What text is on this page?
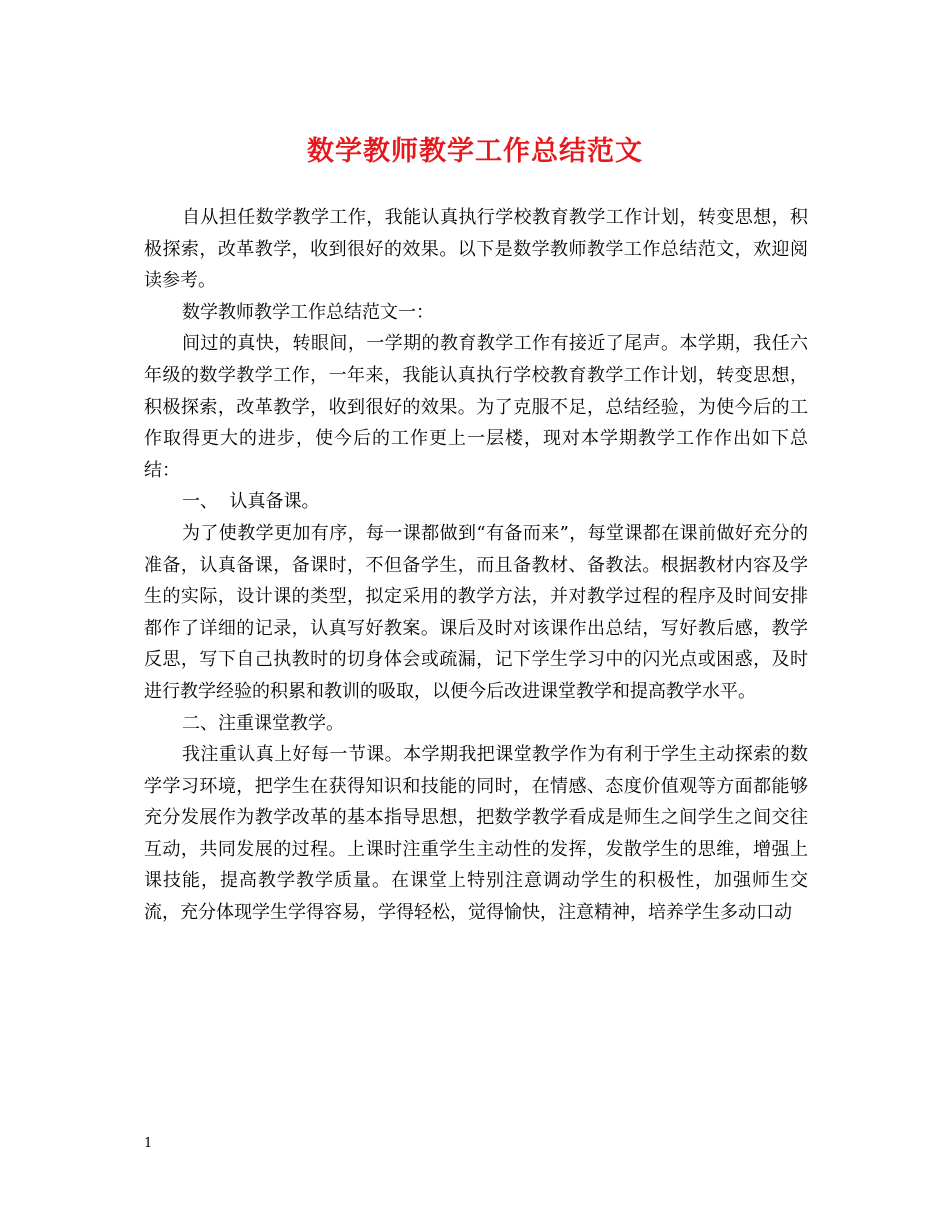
数学教师教学工作总结范文

自从担任数学教学工作，我能认真执行学校教育教学工作计划，转变思想，积极探索，改革教学，收到很好的效果。以下是数学教师教学工作总结范文，欢迎阅读参考。

数学教师教学工作总结范文一：

间过的真快，转眼间，一学期的教育教学工作有接近了尾声。本学期，我任六年级的数学教学工作，一年来，我能认真执行学校教育教学工作计划，转变思想，积极探索，改革教学，收到很好的效果。为了克服不足，总结经验，为使今后的工作取得更大的进步，使今后的工作更上一层楼，现对本学期教学工作作出如下总结：

一、  认真备课。

为了使教学更加有序，每一课都做到“有备而来”，每堂课都在课前做好充分的准备，认真备课，备课时，不但备学生，而且备教材、备教法。根据教材内容及学生的实际，设计课的类型，拟定采用的教学方法，并对教学过程的程序及时间安排都作了详细的记录，认真写好教案。课后及时对该课作出总结，写好教后感，教学反思，写下自己执教时的切身体会或疏漏，记下学生学习中的闪光点或困惑，及时进行教学经验的积累和教训的吸取，以便今后改进课堂教学和提高教学水平。

二、注重课堂教学。

我注重认真上好每一节课。本学期我把课堂教学作为有利于学生主动探索的数学学习环境，把学生在获得知识和技能的同时，在情感、态度价值观等方面都能够充分发展作为教学改革的基本指导思想，把数学教学看成是师生之间学生之间交往互动，共同发展的过程。上课时注重学生主动性的发挥，发散学生的思维，增强上课技能，提高教学教学质量。在课堂上特别注意调动学生的积极性，加强师生交流，充分体现学生学得容易，学得轻松，觉得愉快，注意精神，培养学生多动口动

1
